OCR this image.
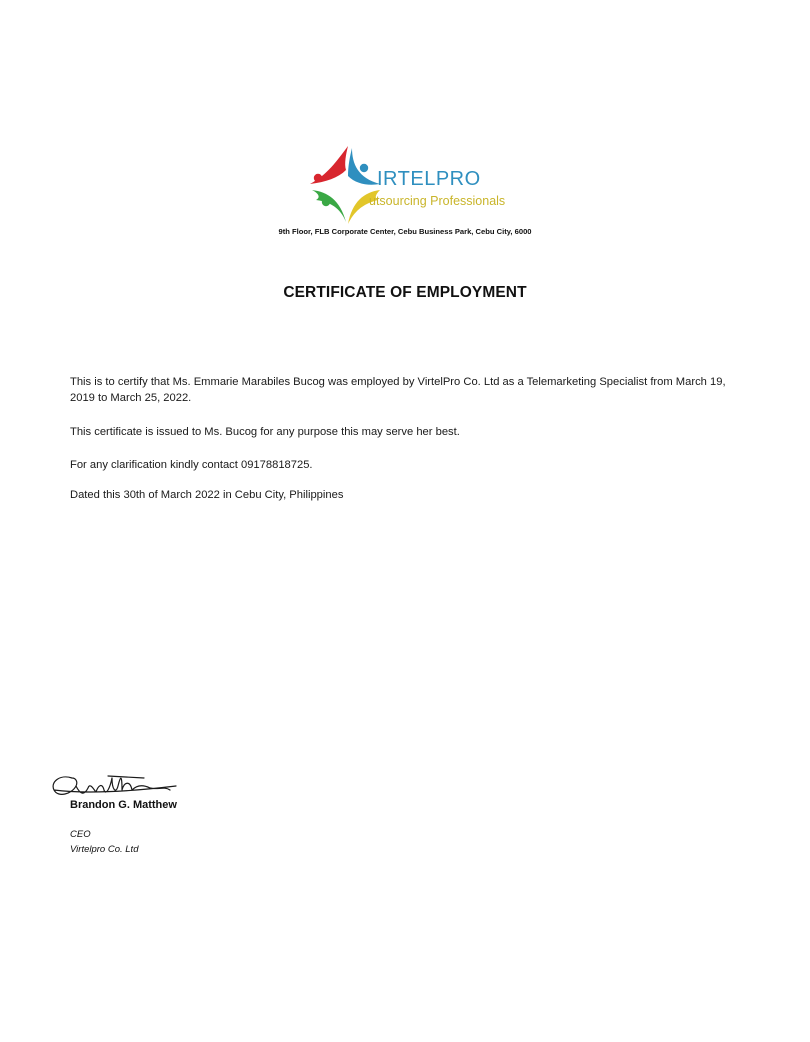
IRTELPRO
utsourcing Professionals
9th Floor, FLB Corporate Center, Cebu Business Park, Cebu City, 6000
CERTIFICATE OF EMPLOYMENT
This is to certify that Ms. Emmarie Marabiles Bucog was employed by VirtelPro Co. Ltd as a Telemarketing Specialist from March 19, 2019 to March 25, 2022.
This certificate is issued to Ms. Bucog for any purpose this may serve her best.
For any clarification kindly contact 09178818725.
Dated this 30th of March 2022 in Cebu City, Philippines
Brandon G. Matthew
CEO
Virtelpro Co. Ltd
